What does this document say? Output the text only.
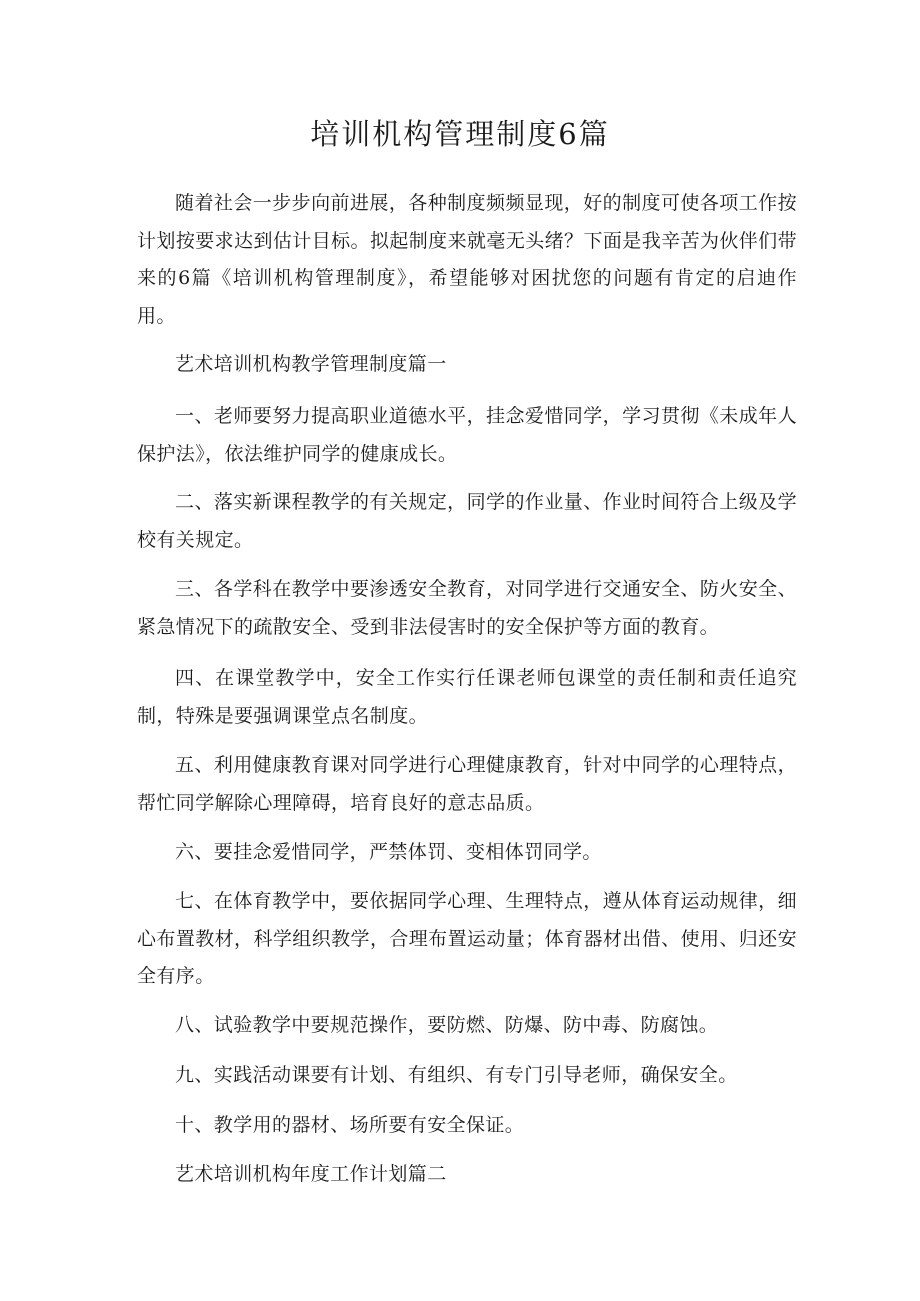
培训机构管理制度6篇
随着社会一步步向前进展，各种制度频频显现，好的制度可使各项工作按计划按要求达到估计目标。拟起制度来就毫无头绪？下面是我辛苦为伙伴们带来的6篇《培训机构管理制度》，希望能够对困扰您的问题有肯定的启迪作用。
艺术培训机构教学管理制度篇一
一、老师要努力提高职业道德水平，挂念爱惜同学，学习贯彻《未成年人保护法》，依法维护同学的健康成长。
二、落实新课程教学的有关规定，同学的作业量、作业时间符合上级及学校有关规定。
三、各学科在教学中要渗透安全教育，对同学进行交通安全、防火安全、紧急情况下的疏散安全、受到非法侵害时的安全保护等方面的教育。
四、在课堂教学中，安全工作实行任课老师包课堂的责任制和责任追究制，特殊是要强调课堂点名制度。
五、利用健康教育课对同学进行心理健康教育，针对中同学的心理特点，帮忙同学解除心理障碍，培育良好的意志品质。
六、要挂念爱惜同学，严禁体罚、变相体罚同学。
七、在体育教学中，要依据同学心理、生理特点，遵从体育运动规律，细心布置教材，科学组织教学，合理布置运动量；体育器材出借、使用、归还安全有序。
八、试验教学中要规范操作，要防燃、防爆、防中毒、防腐蚀。
九、实践活动课要有计划、有组织、有专门引导老师，确保安全。
十、教学用的器材、场所要有安全保证。
艺术培训机构年度工作计划篇二
